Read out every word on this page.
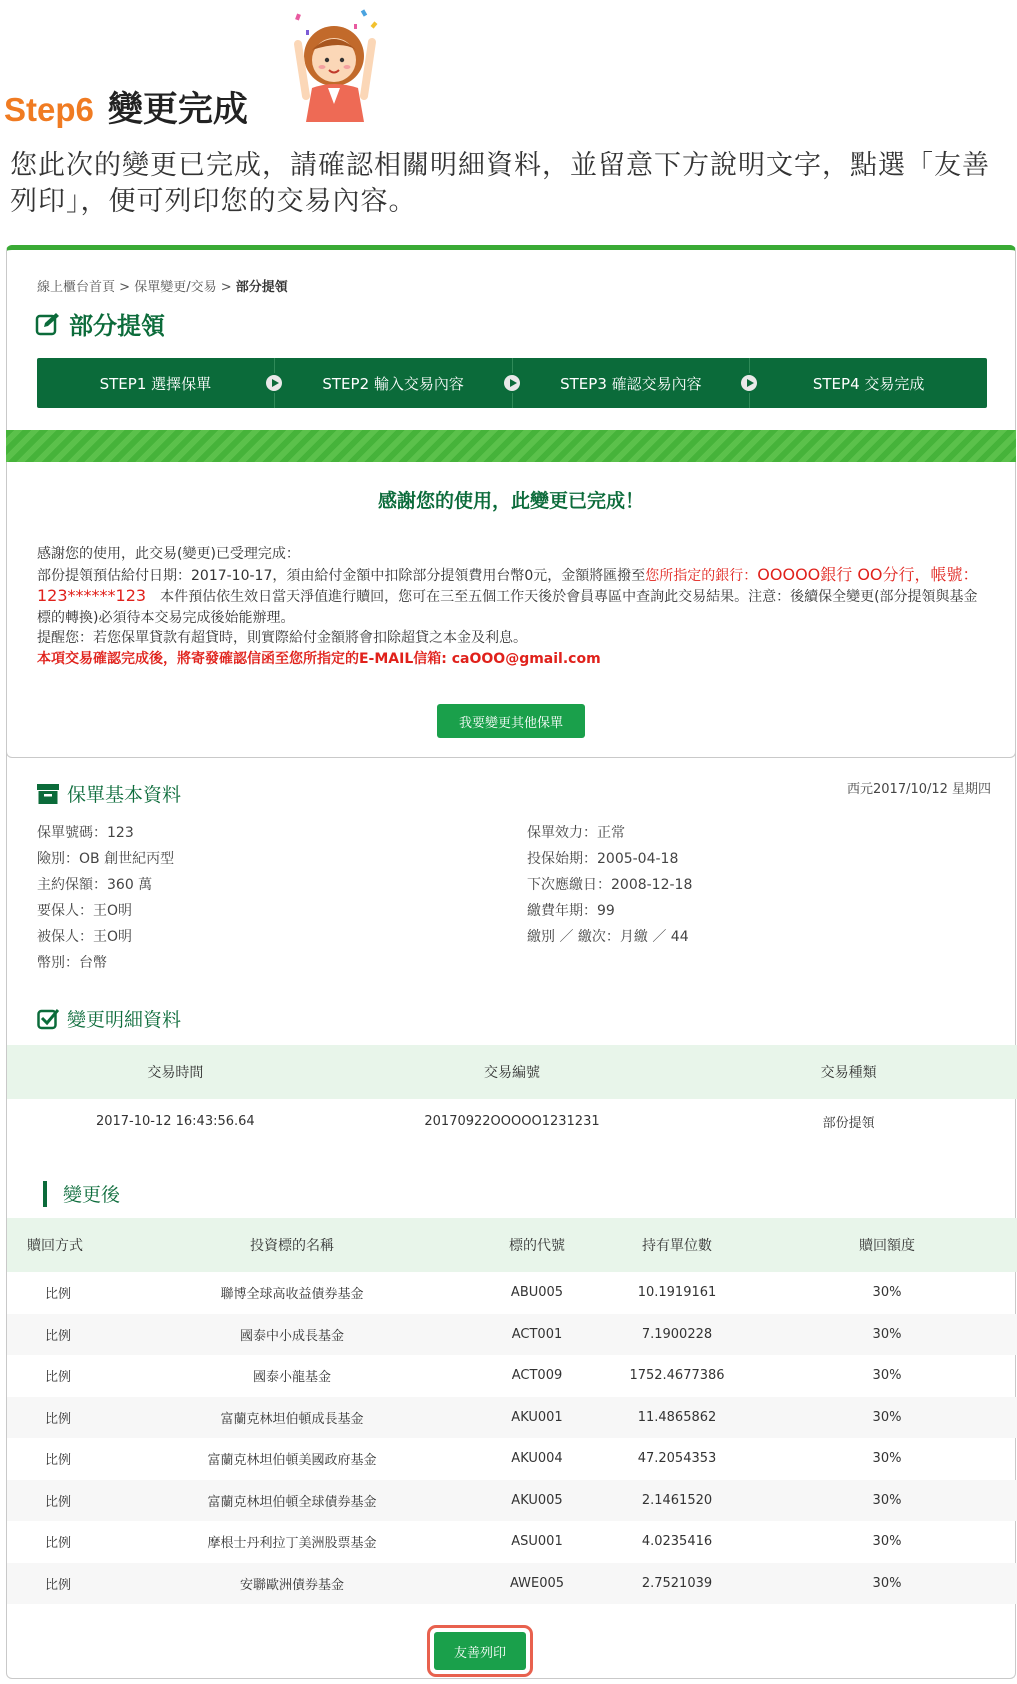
Step6 變更完成
您此次的變更已完成，請確認相關明細資料，並留意下方說明文字，點選「友善列印」，便可列印您的交易內容。
線上櫃台首頁 > 保單變更/交易 > 部分提領
部分提領
STEP1 選擇保單	STEP2 輸入交易內容	STEP3 確認交易內容	STEP4 交易完成
感謝您的使用，此變更已完成！
感謝您的使用，此交易(變更)已受理完成：
部份提領預估給付日期：2017-10-17，須由給付金額中扣除部分提領費用台幣0元，金額將匯撥至您所指定的銀行：OOOOO銀行 OO分行，帳號：123******123　本件預估依生效日當天淨值進行贖回，您可在三至五個工作天後於會員專區中查詢此交易結果。注意：後續保全變更(部分提領與基金標的轉換)必須待本交易完成後始能辦理。
提醒您：若您保單貸款有超貸時，則實際給付金額將會扣除超貸之本金及利息。
本項交易確認完成後，將寄發確認信函至您所指定的E-MAIL信箱: caOOO@gmail.com
我要變更其他保單
保單基本資料	西元2017/10/12 星期四
保單號碼：123
險別：OB 創世紀丙型
主約保額：360 萬
要保人：王O明
被保人：王O明
幣別：台幣
保單效力：正常
投保始期：2005-04-18
下次應繳日：2008-12-18
繳費年期：99
繳別 ／ 繳次：月繳 ／ 44
變更明細資料
交易時間	交易編號	交易種類
2017-10-12 16:43:56.64	20170922OOOOO1231231	部份提領
變更後
贖回方式	投資標的名稱	標的代號	持有單位數	贖回額度
比例	聯博全球高收益債券基金	ABU005	10.1919161	30%
比例	國泰中小成長基金	ACT001	7.1900228	30%
比例	國泰小龍基金	ACT009	1752.4677386	30%
比例	富蘭克林坦伯頓成長基金	AKU001	11.4865862	30%
比例	富蘭克林坦伯頓美國政府基金	AKU004	47.2054353	30%
比例	富蘭克林坦伯頓全球債券基金	AKU005	2.1461520	30%
比例	摩根士丹利拉丁美洲股票基金	ASU001	4.0235416	30%
比例	安聯歐洲債券基金	AWE005	2.7521039	30%
友善列印
